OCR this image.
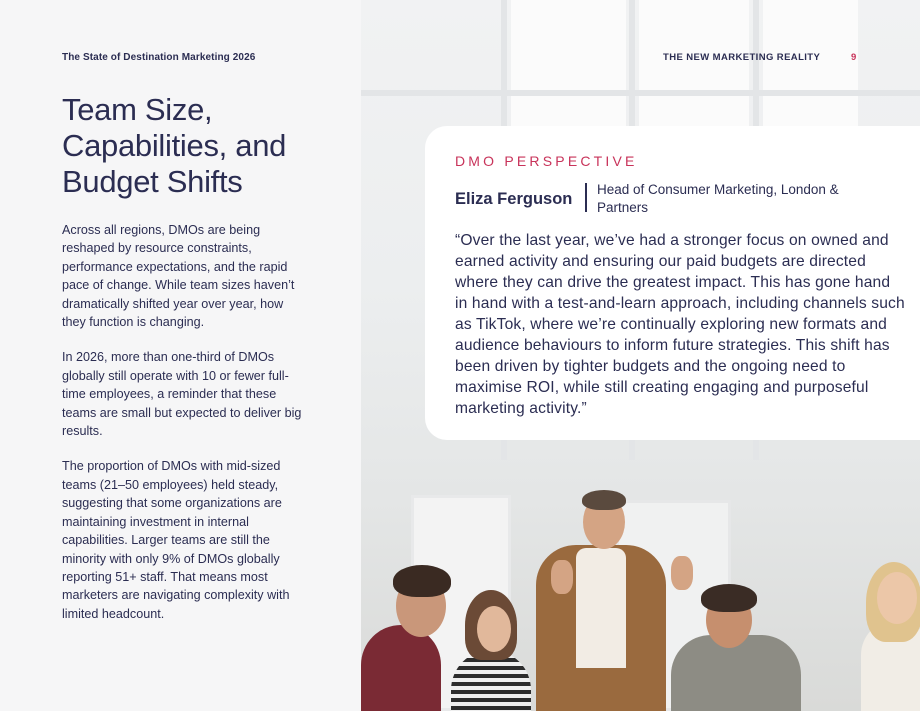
The State of Destination Marketing 2026
Team Size, Capabilities, and Budget Shifts

Across all regions, DMOs are being reshaped by resource constraints, performance expectations, and the rapid pace of change. While team sizes haven’t dramatically shifted year over year, how they function is changing.

In 2026, more than one-third of DMOs globally still operate with 10 or fewer full-time employees, a reminder that these teams are small but expected to deliver big results.

The proportion of DMOs with mid-sized teams (21–50 employees) held steady, suggesting that some organizations are maintaining investment in internal capabilities. Larger teams are still the minority with only 9% of DMOs globally reporting 51+ staff. That means most marketers are navigating complexity with limited headcount.

THE NEW MARKETING REALITY	9
DMO PERSPECTIVE
Eliza Ferguson
Head of Consumer Marketing, London & Partners
“Over the last year, we’ve had a stronger focus on owned and earned activity and ensuring our paid budgets are directed where they can drive the greatest impact. This has gone hand in hand with a test-and-learn approach, including channels such as TikTok, where we’re continually exploring new formats and audience behaviours to inform future strategies. This shift has been driven by tighter budgets and the ongoing need to maximise ROI, while still creating engaging and purposeful marketing activity.”
